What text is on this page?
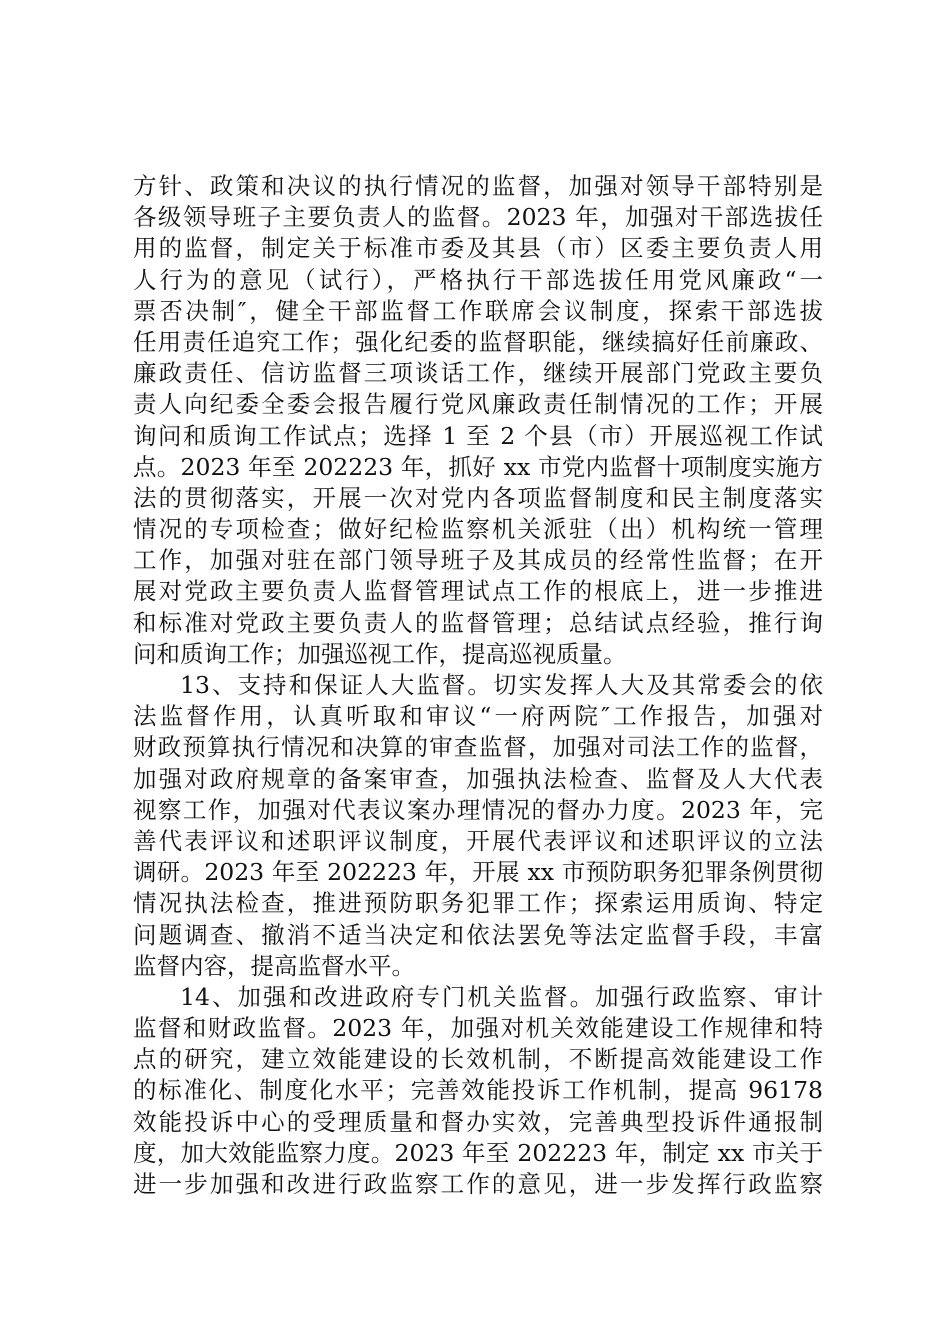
方针、政策和决议的执行情况的监督，加强对领导干部特别是
各级领导班子主要负责人的监督。2023 年，加强对干部选拔任
用的监督，制定关于标准市委及其县（市）区委主要负责人用
人行为的意见（试行），严格执行干部选拔任用党风廉政“一
票否决制″，健全干部监督工作联席会议制度，探索干部选拔
任用责任追究工作；强化纪委的监督职能，继续搞好任前廉政、
廉政责任、信访监督三项谈话工作，继续开展部门党政主要负
责人向纪委全委会报告履行党风廉政责任制情况的工作；开展
询问和质询工作试点；选择 1 至 2 个县（市）开展巡视工作试
点。2023 年至 202223 年，抓好 xx 市党内监督十项制度实施方
法的贯彻落实，开展一次对党内各项监督制度和民主制度落实
情况的专项检查；做好纪检监察机关派驻（出）机构统一管理
工作，加强对驻在部门领导班子及其成员的经常性监督；在开
展对党政主要负责人监督管理试点工作的根底上，进一步推进
和标准对党政主要负责人的监督管理；总结试点经验，推行询
问和质询工作；加强巡视工作，提高巡视质量。
13、支持和保证人大监督。切实发挥人大及其常委会的依
法监督作用，认真听取和审议“一府两院″工作报告，加强对
财政预算执行情况和决算的审查监督，加强对司法工作的监督，
加强对政府规章的备案审查，加强执法检查、监督及人大代表
视察工作，加强对代表议案办理情况的督办力度。2023 年，完
善代表评议和述职评议制度，开展代表评议和述职评议的立法
调研。2023 年至 202223 年，开展 xx 市预防职务犯罪条例贯彻
情况执法检查，推进预防职务犯罪工作；探索运用质询、特定
问题调查、撤消不适当决定和依法罢免等法定监督手段，丰富
监督内容，提高监督水平。
14、加强和改进政府专门机关监督。加强行政监察、审计
监督和财政监督。2023 年，加强对机关效能建设工作规律和特
点的研究，建立效能建设的长效机制，不断提高效能建设工作
的标准化、制度化水平；完善效能投诉工作机制，提高 96178
效能投诉中心的受理质量和督办实效，完善典型投诉件通报制
度，加大效能监察力度。2023 年至 202223 年，制定 xx 市关于
进一步加强和改进行政监察工作的意见，进一步发挥行政监察
